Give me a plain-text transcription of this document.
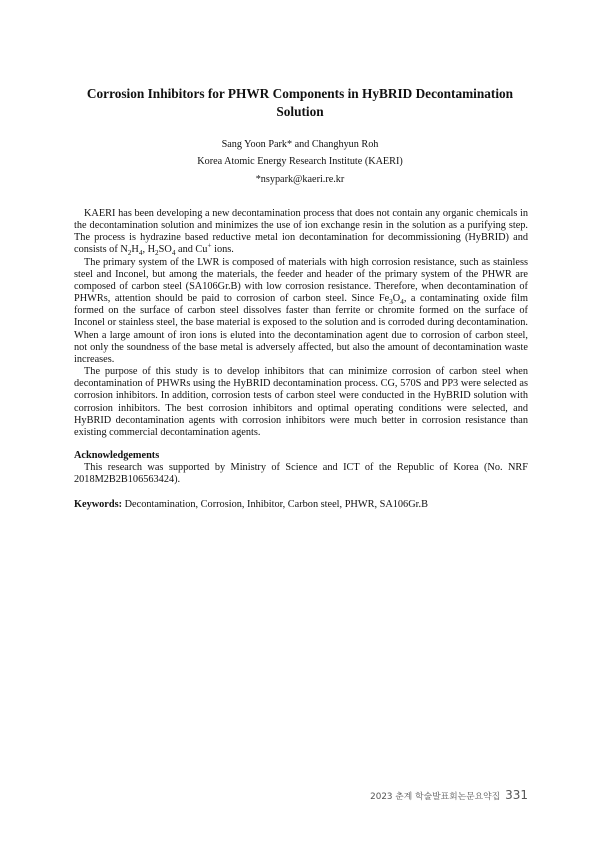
Corrosion Inhibitors for PHWR Components in HyBRID Decontamination Solution
Sang Yoon Park* and Changhyun Roh
Korea Atomic Energy Research Institute (KAERI)
*nsypark@kaeri.re.kr

KAERI has been developing a new decontamination process that does not contain any organic chemicals in the decontamination solution and minimizes the use of ion exchange resin in the solution as a purifying step. The process is hydrazine based reductive metal ion decontamination for decommissioning (HyBRID) and consists of $N_2H_4$, $H_2SO_4$ and Cu+ ions.

The primary system of the LWR is composed of materials with high corrosion resistance, such as stainless steel and Inconel, but among the materials, the feeder and header of the primary system of the PHWR are composed of carbon steel (SA106Gr.B) with low corrosion resistance. Therefore, when decontamination of PHWRs, attention should be paid to corrosion of carbon steel. Since $Fe_3O_4$, a contaminating oxide film formed on the surface of carbon steel dissolves faster than ferrite or chromite formed on the surface of Inconel or stainless steel, the base material is exposed to the solution and is corroded during decontamination. When a large amount of iron ions is eluted into the decontamination agent due to corrosion of carbon steel, not only the soundness of the base metal is adversely affected, but also the amount of decontamination waste increases.

The purpose of this study is to develop inhibitors that can minimize corrosion of carbon steel when decontamination of PHWRs using the HyBRID decontamination process. CG, 570S and PP3 were selected as corrosion inhibitors. In addition, corrosion tests of carbon steel were conducted in the HyBRID solution with corrosion inhibitors. The best corrosion inhibitors and optimal operating conditions were selected, and HyBRID decontamination agents with corrosion inhibitors were much better in corrosion resistance than existing commercial decontamination agents.

Acknowledgements

This research was supported by Ministry of Science and ICT of the Republic of Korea (No. NRF 2018M2B2B106563424).

Keywords: Decontamination, Corrosion, Inhibitor, Carbon steel, PHWR, SA106Gr.B

2023 춘계 학술발표회논문요약집 331
